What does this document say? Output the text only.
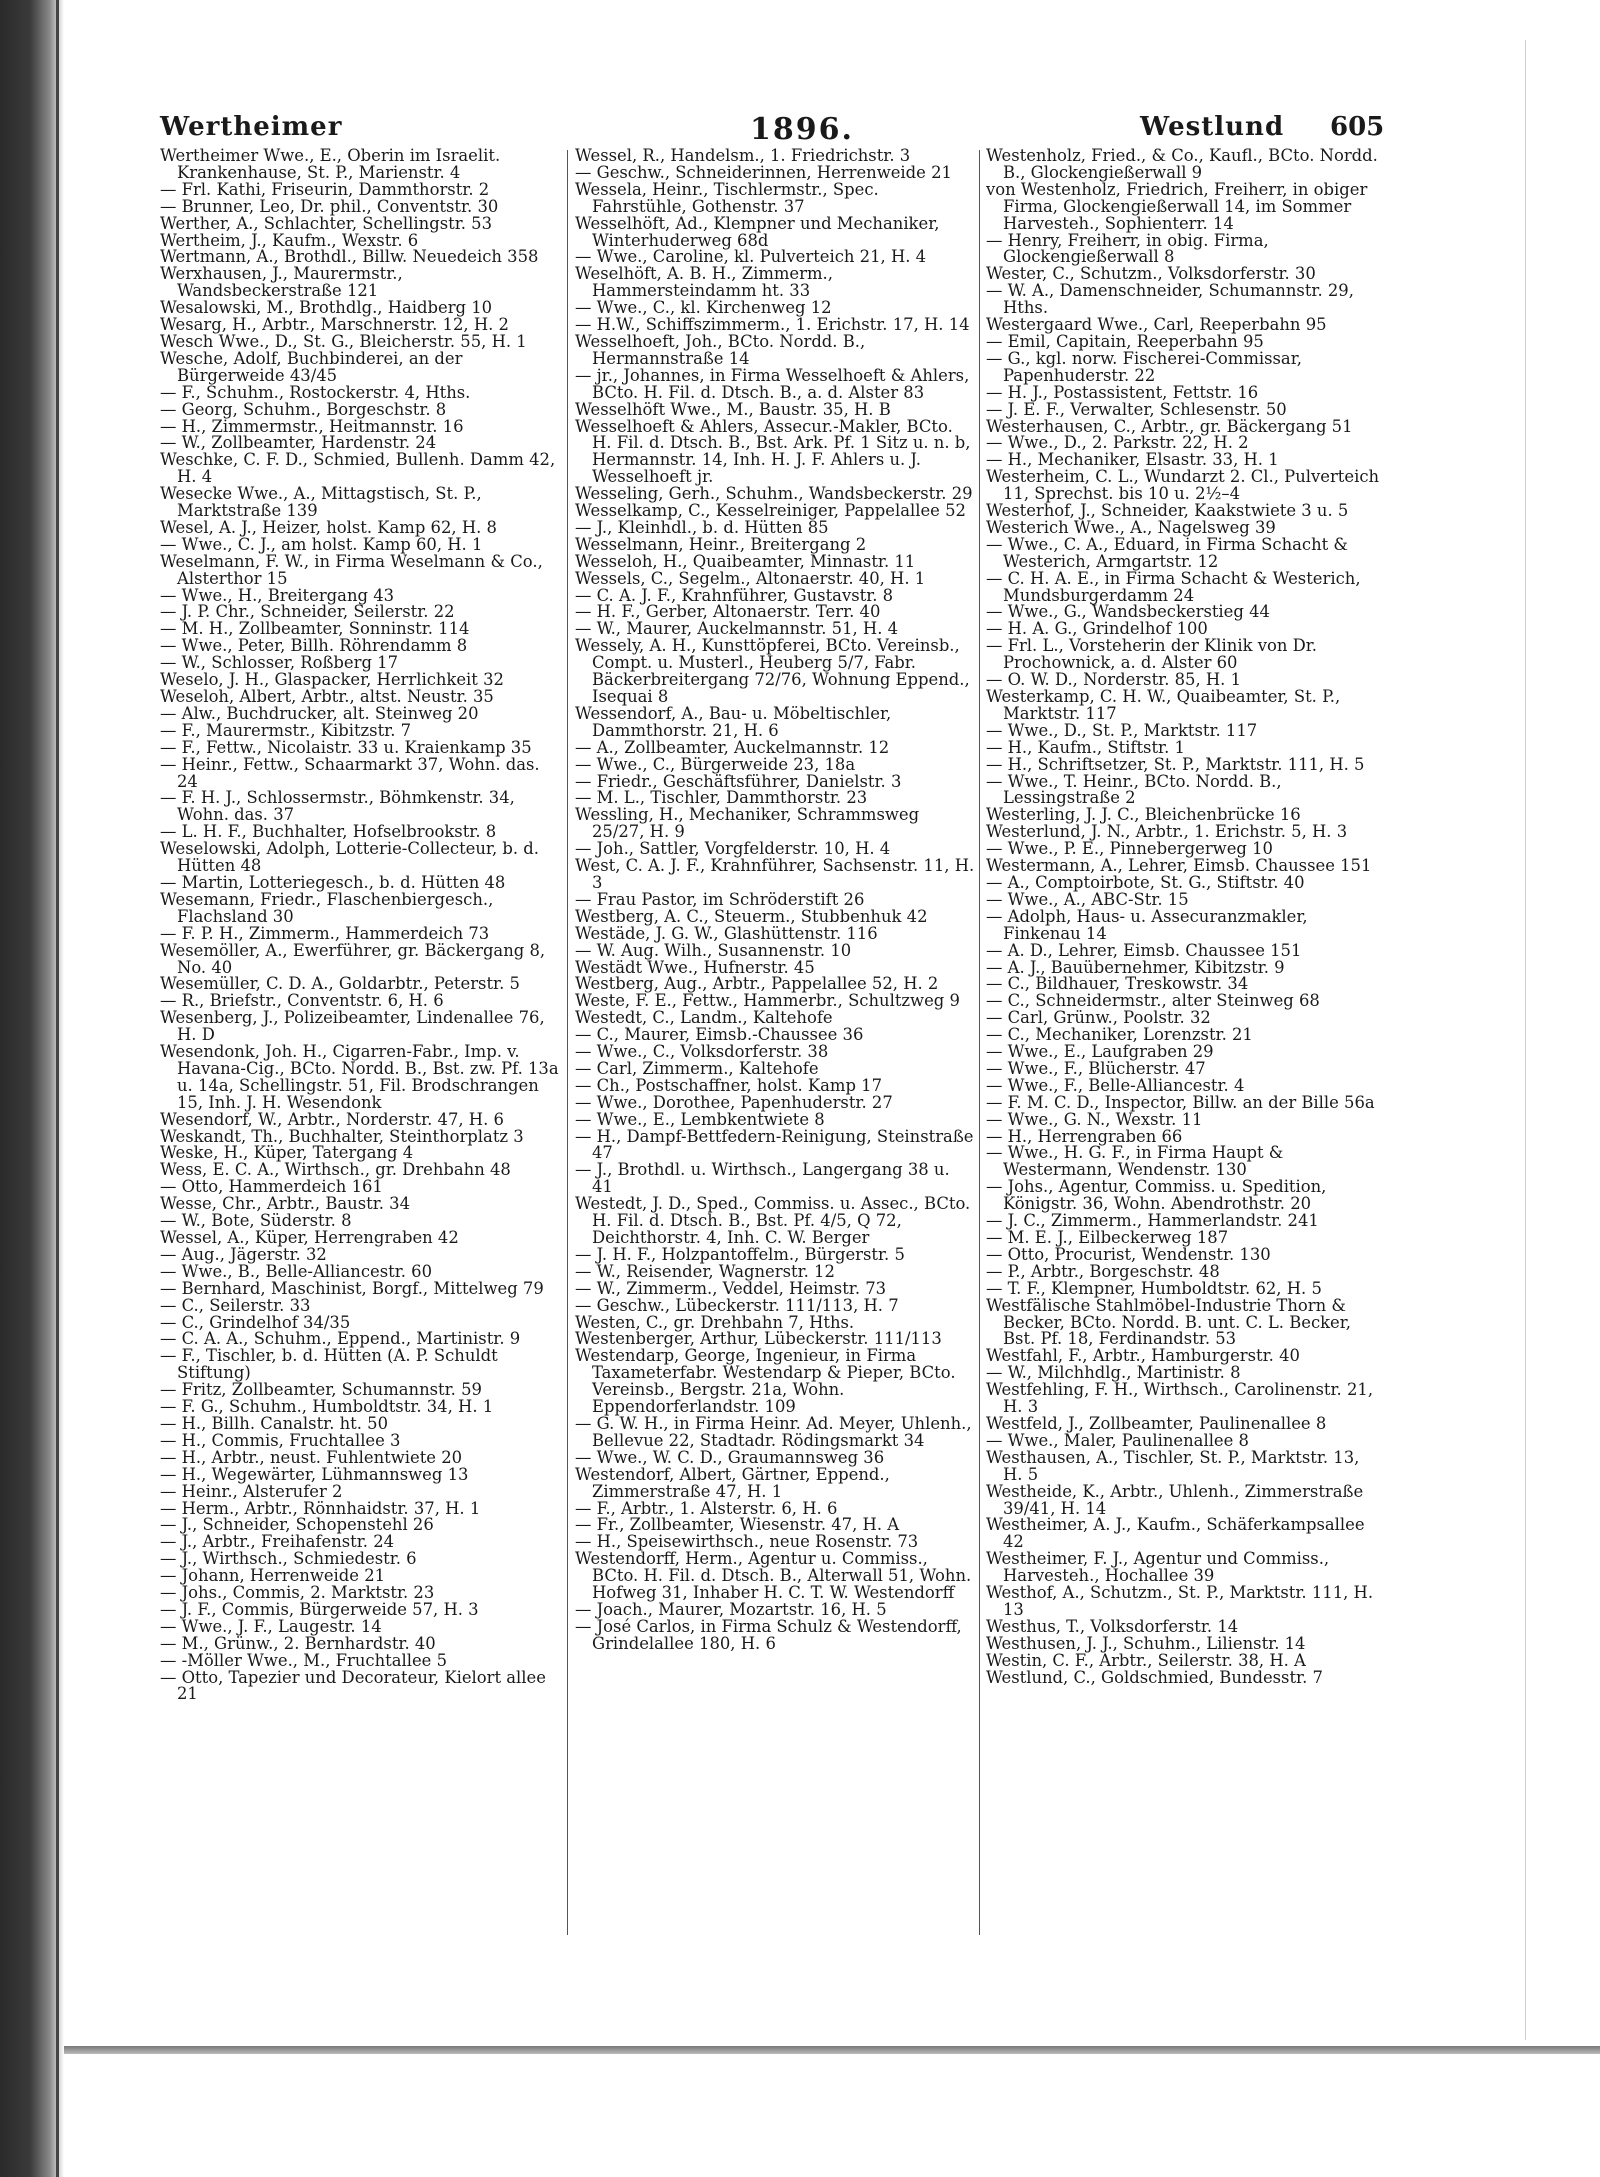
Wertheimer	1896.	Westlund 605

Wertheimer Wwe., E., Oberin im Israelit. Krankenhause, St. P., Marienstr. 4

— Frl. Kathi, Friseurin, Dammthorstr. 2

— Brunner, Leo, Dr. phil., Conventstr. 30

Werther, A., Schlachter, Schellingstr. 53

Wertheim, J., Kaufm., Wexstr. 6

Wertmann, A., Brothdl., Billw. Neuedeich 358

Werxhausen, J., Maurermstr., Wandsbeckerstraße 121

Wesalowski, M., Brothdlg., Haidberg 10

Wesarg, H., Arbtr., Marschnerstr. 12, H. 2

Wesch Wwe., D., St. G., Bleicherstr. 55, H. 1

Wesche, Adolf, Buchbinderei, an der Bürgerweide 43/45

— F., Schuhm., Rostockerstr. 4, Hths.

— Georg, Schuhm., Borgeschstr. 8

— H., Zimmermstr., Heitmannstr. 16

— W., Zollbeamter, Hardenstr. 24

Weschke, C. F. D., Schmied, Bullenh. Damm 42, H. 4

Wesecke Wwe., A., Mittagstisch, St. P., Marktstraße 139

Wesel, A. J., Heizer, holst. Kamp 62, H. 8

— Wwe., C. J., am holst. Kamp 60, H. 1

Weselmann, F. W., in Firma Weselmann & Co., Alsterthor 15

— Wwe., H., Breitergang 43

— J. P. Chr., Schneider, Seilerstr. 22

— M. H., Zollbeamter, Sonninstr. 114

— Wwe., Peter, Billh. Röhrendamm 8

— W., Schlosser, Roßberg 17

Weselo, J. H., Glaspacker, Herrlichkeit 32

Weseloh, Albert, Arbtr., altst. Neustr. 35

— Alw., Buchdrucker, alt. Steinweg 20

— F., Maurermstr., Kibitzstr. 7

— F., Fettw., Nicolaistr. 33 u. Kraienkamp 35

— Heinr., Fettw., Schaarmarkt 37, Wohn. das. 24

— F. H. J., Schlossermstr., Böhmkenstr. 34, Wohn. das. 37

— L. H. F., Buchhalter, Hofselbrookstr. 8

Weselowski, Adolph, Lotterie-Collecteur, b. d. Hütten 48

— Martin, Lotteriegesch., b. d. Hütten 48

Wesemann, Friedr., Flaschenbiergesch., Flachsland 30

— F. P. H., Zimmerm., Hammerdeich 73

Wesemöller, A., Ewerführer, gr. Bäckergang 8, No. 40

Wesemüller, C. D. A., Goldarbtr., Peterstr. 5

— R., Briefstr., Conventstr. 6, H. 6

Wesenberg, J., Polizeibeamter, Lindenallee 76, H. D

Wesendonk, Joh. H., Cigarren-Fabr., Imp. v. Havana-Cig., BCto. Nordd. B., Bst. zw. Pf. 13a u. 14a, Schellingstr. 51, Fil. Brodschrangen 15, Inh. J. H. Wesendonk

Wesendorf, W., Arbtr., Norderstr. 47, H. 6

Weskandt, Th., Buchhalter, Steinthorplatz 3

Weske, H., Küper, Tatergang 4

Wess, E. C. A., Wirthsch., gr. Drehbahn 48

— Otto, Hammerdeich 161

Wesse, Chr., Arbtr., Baustr. 34

— W., Bote, Süderstr. 8

Wessel, A., Küper, Herrengraben 42

— Aug., Jägerstr. 32

— Wwe., B., Belle-Alliancestr. 60

— Bernhard, Maschinist, Borgf., Mittelweg 79

— C., Seilerstr. 33

— C., Grindelhof 34/35

— C. A. A., Schuhm., Eppend., Martinistr. 9

— F., Tischler, b. d. Hütten (A. P. Schuldt Stiftung)

— Fritz, Zollbeamter, Schumannstr. 59

— F. G., Schuhm., Humboldtstr. 34, H. 1

— H., Billh. Canalstr. ht. 50

— H., Commis, Fruchtallee 3

— H., Arbtr., neust. Fuhlentwiete 20

— H., Wegewärter, Lühmannsweg 13

— Heinr., Alsterufer 2

— Herm., Arbtr., Rönnhaidstr. 37, H. 1

— J., Schneider, Schopenstehl 26

— J., Arbtr., Freihafenstr. 24

— J., Wirthsch., Schmiedestr. 6

— Johann, Herrenweide 21

— Johs., Commis, 2. Marktstr. 23

— J. F., Commis, Bürgerweide 57, H. 3

— Wwe., J. F., Laugestr. 14

— M., Grünw., 2. Bernhardstr. 40

— -Möller Wwe., M., Fruchtallee 5

— Otto, Tapezier und Decorateur, Kielort allee 21

Wessel, R., Handelsm., 1. Friedrichstr. 3

— Geschw., Schneiderinnen, Herrenweide 21

Wessela, Heinr., Tischlermstr., Spec. Fahrstühle, Gothenstr. 37

Wesselhöft, Ad., Klempner und Mechaniker, Winterhuderweg 68d

— Wwe., Caroline, kl. Pulverteich 21, H. 4

Weselhöft, A. B. H., Zimmerm., Hammersteindamm ht. 33

— Wwe., C., kl. Kirchenweg 12

— H.W., Schiffszimmerm., 1. Erichstr. 17, H. 14

Wesselhoeft, Joh., BCto. Nordd. B., Hermannstraße 14

— jr., Johannes, in Firma Wesselhoeft & Ahlers, BCto. H. Fil. d. Dtsch. B., a. d. Alster 83

Wesselhöft Wwe., M., Baustr. 35, H. B

Wesselhoeft & Ahlers, Assecur.-Makler, BCto. H. Fil. d. Dtsch. B., Bst. Ark. Pf. 1 Sitz u. n. b, Hermannstr. 14, Inh. H. J. F. Ahlers u. J. Wesselhoeft jr.

Wesseling, Gerh., Schuhm., Wandsbeckerstr. 29

Wesselkamp, C., Kesselreiniger, Pappelallee 52

— J., Kleinhdl., b. d. Hütten 85

Wesselmann, Heinr., Breitergang 2

Wesseloh, H., Quaibeamter, Minnastr. 11

Wessels, C., Segelm., Altonaerstr. 40, H. 1

— C. A. J. F., Krahnführer, Gustavstr. 8

— H. F., Gerber, Altonaerstr. Terr. 40

— W., Maurer, Auckelmannstr. 51, H. 4

Wessely, A. H., Kunsttöpferei, BCto. Vereinsb., Compt. u. Musterl., Heuberg 5/7, Fabr. Bäckerbreitergang 72/76, Wohnung Eppend., Isequai 8

Wessendorf, A., Bau- u. Möbeltischler, Dammthorstr. 21, H. 6

— A., Zollbeamter, Auckelmannstr. 12

— Wwe., C., Bürgerweide 23, 18a

— Friedr., Geschäftsführer, Danielstr. 3

— M. L., Tischler, Dammthorstr. 23

Wessling, H., Mechaniker, Schrammsweg 25/27, H. 9

— Joh., Sattler, Vorgfelderstr. 10, H. 4

West, C. A. J. F., Krahnführer, Sachsenstr. 11, H. 3

— Frau Pastor, im Schröderstift 26

Westberg, A. C., Steuerm., Stubbenhuk 42

Westäde, J. G. W., Glashüttenstr. 116

— W. Aug. Wilh., Susannenstr. 10

Westädt Wwe., Hufnerstr. 45

Westberg, Aug., Arbtr., Pappelallee 52, H. 2

Weste, F. E., Fettw., Hammerbr., Schultzweg 9

Westedt, C., Landm., Kaltehofe

— C., Maurer, Eimsb.-Chaussee 36

— Wwe., C., Volksdorferstr. 38

— Carl, Zimmerm., Kaltehofe

— Ch., Postschaffner, holst. Kamp 17

— Wwe., Dorothee, Papenhuderstr. 27

— Wwe., E., Lembkentwiete 8

— H., Dampf-Bettfedern-Reinigung, Steinstraße 47

— J., Brothdl. u. Wirthsch., Langergang 38 u. 41

Westedt, J. D., Sped., Commiss. u. Assec., BCto. H. Fil. d. Dtsch. B., Bst. Pf. 4/5, Q 72, Deichthorstr. 4, Inh. C. W. Berger

— J. H. F., Holzpantoffelm., Bürgerstr. 5

— W., Reisender, Wagnerstr. 12

— W., Zimmerm., Veddel, Heimstr. 73

— Geschw., Lübeckerstr. 111/113, H. 7

Westen, C., gr. Drehbahn 7, Hths.

Westenberger, Arthur, Lübeckerstr. 111/113

Westendarp, George, Ingenieur, in Firma Taxameterfabr. Westendarp & Pieper, BCto. Vereinsb., Bergstr. 21a, Wohn. Eppendorferlandstr. 109

— G. W. H., in Firma Heinr. Ad. Meyer, Uhlenh., Bellevue 22, Stadtadr. Rödingsmarkt 34

— Wwe., W. C. D., Graumannsweg 36

Westendorf, Albert, Gärtner, Eppend., Zimmerstraße 47, H. 1

— F., Arbtr., 1. Alsterstr. 6, H. 6

— Fr., Zollbeamter, Wiesenstr. 47, H. A

— H., Speisewirthsch., neue Rosenstr. 73

Westendorff, Herm., Agentur u. Commiss., BCto. H. Fil. d. Dtsch. B., Alterwall 51, Wohn. Hofweg 31, Inhaber H. C. T. W. Westendorff

— Joach., Maurer, Mozartstr. 16, H. 5

— José Carlos, in Firma Schulz & Westendorff, Grindelallee 180, H. 6

Westenholz, Fried., & Co., Kaufl., BCto. Nordd. B., Glockengießerwall 9

von Westenholz, Friedrich, Freiherr, in obiger Firma, Glockengießerwall 14, im Sommer Harvesteh., Sophienterr. 14

— Henry, Freiherr, in obig. Firma, Glockengießerwall 8

Wester, C., Schutzm., Volksdorferstr. 30

— W. A., Damenschneider, Schumannstr. 29, Hths.

Westergaard Wwe., Carl, Reeperbahn 95

— Emil, Capitain, Reeperbahn 95

— G., kgl. norw. Fischerei-Commissar, Papenhuderstr. 22

— H. J., Postassistent, Fettstr. 16

— J. E. F., Verwalter, Schlesenstr. 50

Westerhausen, C., Arbtr., gr. Bäckergang 51

— Wwe., D., 2. Parkstr. 22, H. 2

— H., Mechaniker, Elsastr. 33, H. 1

Westerheim, C. L., Wundarzt 2. Cl., Pulverteich 11, Sprechst. bis 10 u. 2½–4

Westerhof, J., Schneider, Kaakstwiete 3 u. 5

Westerich Wwe., A., Nagelsweg 39

— Wwe., C. A., Eduard, in Firma Schacht & Westerich, Armgartstr. 12

— C. H. A. E., in Firma Schacht & Westerich, Mundsburgerdamm 24

— Wwe., G., Wandsbeckerstieg 44

— H. A. G., Grindelhof 100

— Frl. L., Vorsteherin der Klinik von Dr. Prochownick, a. d. Alster 60

— O. W. D., Norderstr. 85, H. 1

Westerkamp, C. H. W., Quaibeamter, St. P., Marktstr. 117

— Wwe., D., St. P., Marktstr. 117

— H., Kaufm., Stiftstr. 1

— H., Schriftsetzer, St. P., Marktstr. 111, H. 5

— Wwe., T. Heinr., BCto. Nordd. B., Lessingstraße 2

Westerling, J. J. C., Bleichenbrücke 16

Westerlund, J. N., Arbtr., 1. Erichstr. 5, H. 3

— Wwe., P. E., Pinnebergerweg 10

Westermann, A., Lehrer, Eimsb. Chaussee 151

— A., Comptoirbote, St. G., Stiftstr. 40

— Wwe., A., ABC-Str. 15

— Adolph, Haus- u. Assecuranzmakler, Finkenau 14

— A. D., Lehrer, Eimsb. Chaussee 151

— A. J., Bauübernehmer, Kibitzstr. 9

— C., Bildhauer, Treskowstr. 34

— C., Schneidermstr., alter Steinweg 68

— Carl, Grünw., Poolstr. 32

— C., Mechaniker, Lorenzstr. 21

— Wwe., E., Laufgraben 29

— Wwe., F., Blücherstr. 47

— Wwe., F., Belle-Alliancestr. 4

— F. M. C. D., Inspector, Billw. an der Bille 56a

— Wwe., G. N., Wexstr. 11

— H., Herrengraben 66

— Wwe., H. G. F., in Firma Haupt & Westermann, Wendenstr. 130

— Johs., Agentur, Commiss. u. Spedition, Königstr. 36, Wohn. Abendrothstr. 20

— J. C., Zimmerm., Hammerlandstr. 241

— M. E. J., Eilbeckerweg 187

— Otto, Procurist, Wendenstr. 130

— P., Arbtr., Borgeschstr. 48

— T. F., Klempner, Humboldtstr. 62, H. 5

Westfälische Stahlmöbel-Industrie Thorn & Becker, BCto. Nordd. B. unt. C. L. Becker, Bst. Pf. 18, Ferdinandstr. 53

Westfahl, F., Arbtr., Hamburgerstr. 40

— W., Milchhdlg., Martinistr. 8

Westfehling, F. H., Wirthsch., Carolinenstr. 21, H. 3

Westfeld, J., Zollbeamter, Paulinenallee 8

— Wwe., Maler, Paulinenallee 8

Westhausen, A., Tischler, St. P., Marktstr. 13, H. 5

Westheide, K., Arbtr., Uhlenh., Zimmerstraße 39/41, H. 14

Westheimer, A. J., Kaufm., Schäferkampsallee 42

Westheimer, F. J., Agentur und Commiss., Harvesteh., Hochallee 39

Westhof, A., Schutzm., St. P., Marktstr. 111, H. 13

Westhus, T., Volksdorferstr. 14

Westhusen, J. J., Schuhm., Lilienstr. 14

Westin, C. F., Arbtr., Seilerstr. 38, H. A

Westlund, C., Goldschmied, Bundesstr. 7
